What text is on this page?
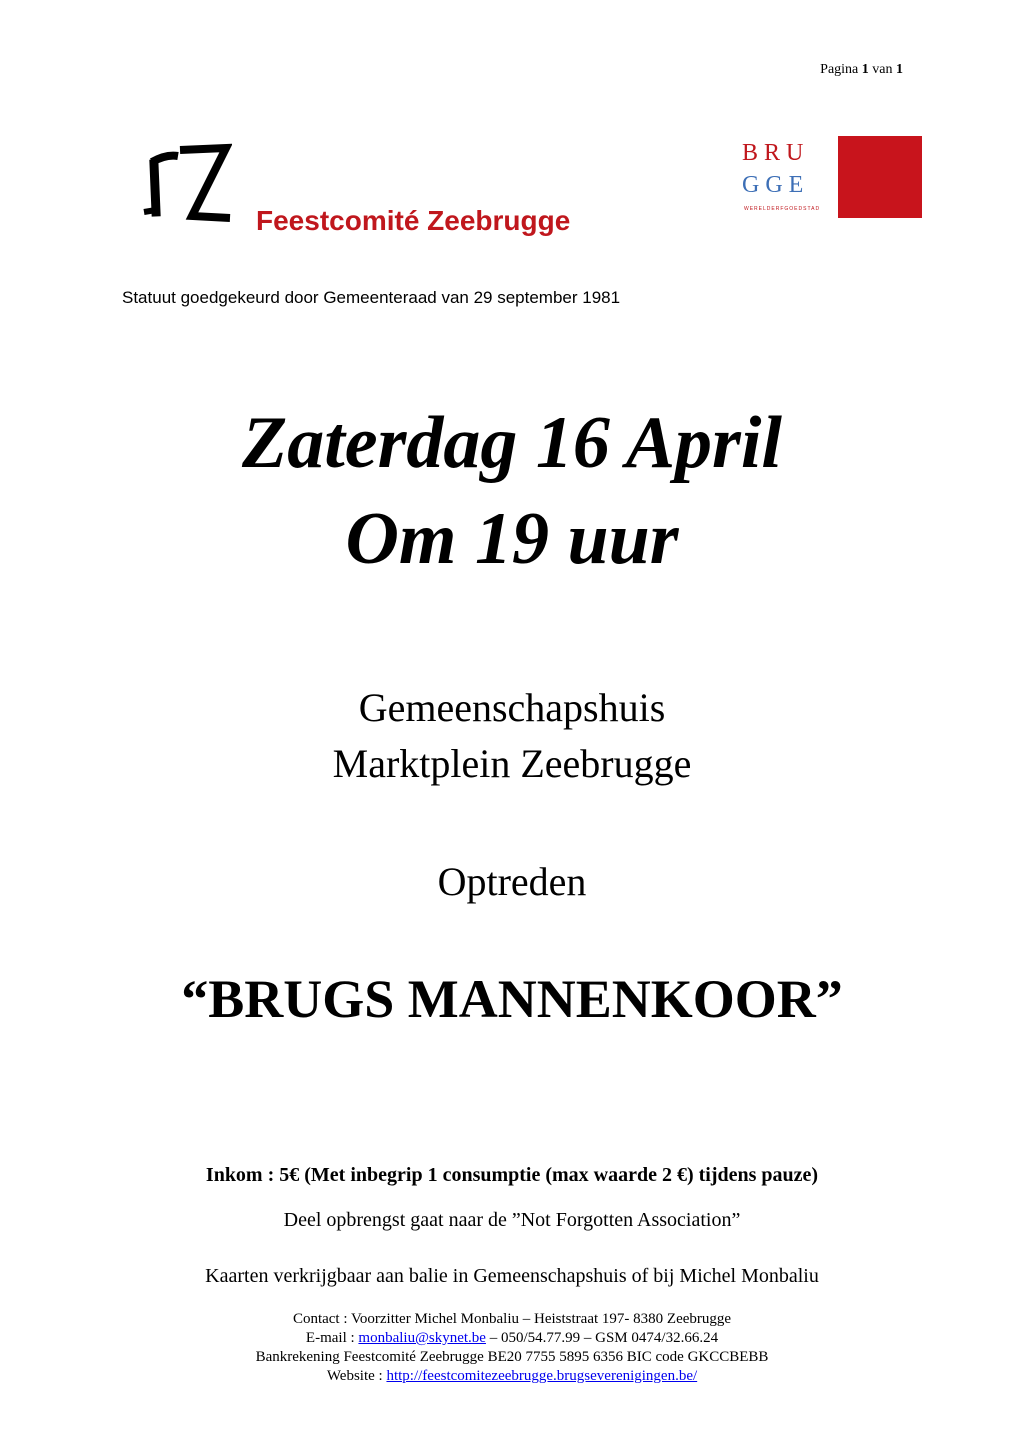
Pagina 1 van 1
Feestcomité Zeebrugge
BRU
GGE
WERELDERFGOEDSTAD
Statuut goedgekeurd door Gemeenteraad van 29 september 1981
Zaterdag 16 April
Om 19 uur
Gemeenschapshuis
Marktplein Zeebrugge
Optreden
“BRUGS MANNENKOOR”
Inkom : 5€ (Met inbegrip 1 consumptie (max waarde 2 €) tijdens pauze)
Deel opbrengst gaat naar de ”Not Forgotten Association”
Kaarten verkrijgbaar aan balie in Gemeenschapshuis of bij Michel Monbaliu
Contact : Voorzitter Michel Monbaliu – Heiststraat 197- 8380 Zeebrugge
E-mail : monbaliu@skynet.be – 050/54.77.99 – GSM 0474/32.66.24
Bankrekening Feestcomité Zeebrugge BE20 7755 5895 6356 BIC code GKCCBEBB
Website : http://feestcomitezeebrugge.brugseverenigingen.be/
